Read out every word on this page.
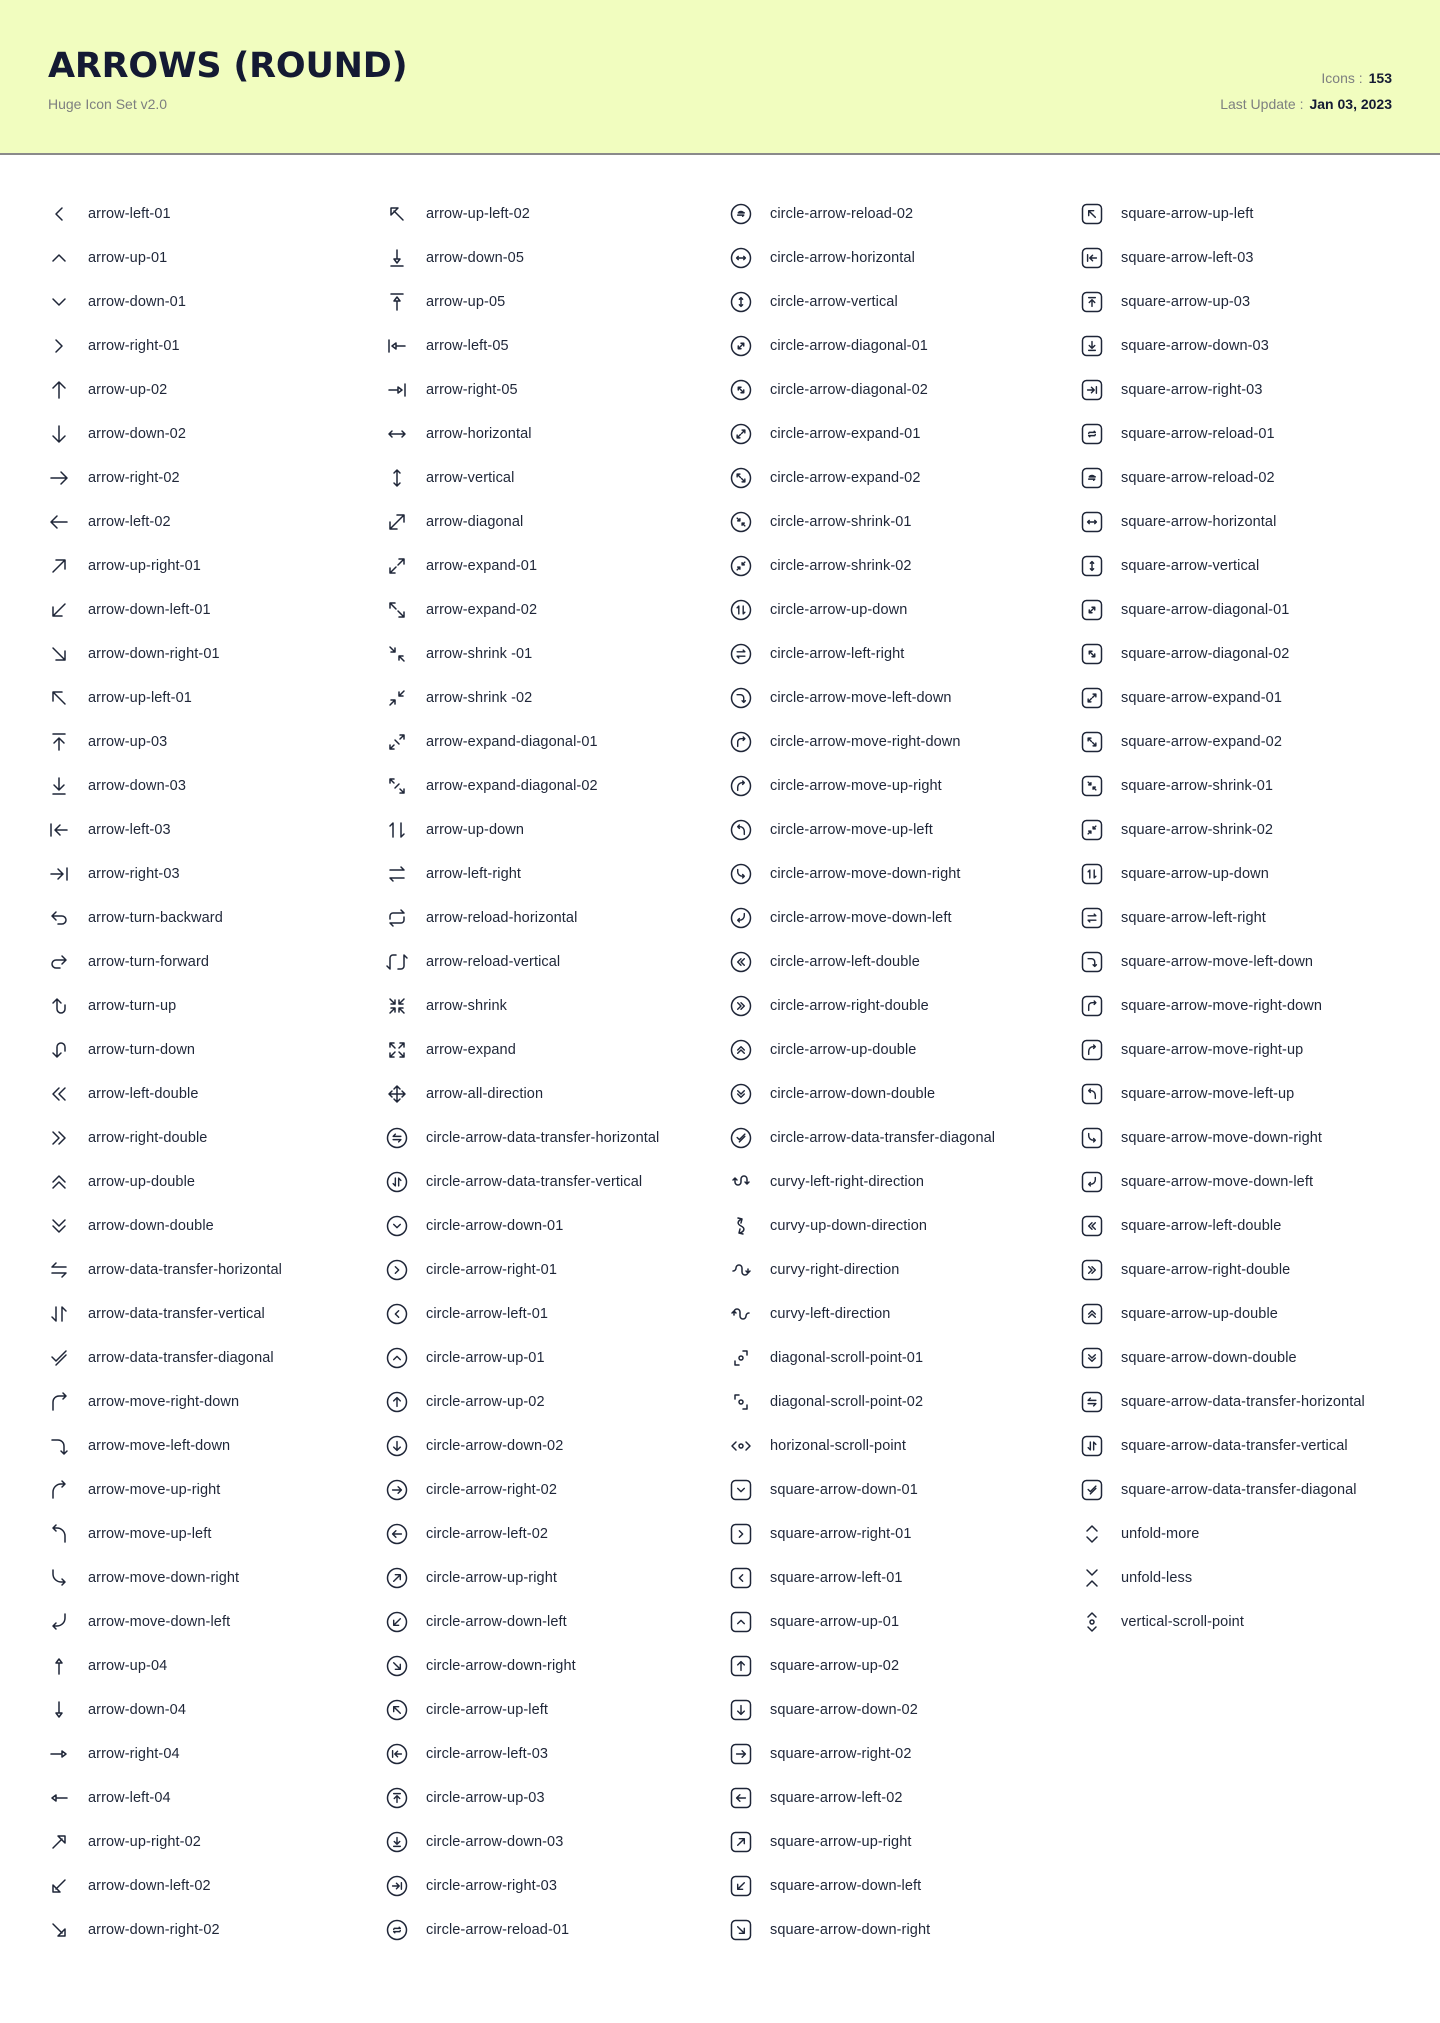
ARROWS (ROUND)
Huge Icon Set v2.0
Icons : 153
Last Update : Jan 03, 2023
arrow-left-01
arrow-up-01
arrow-down-01
arrow-right-01
arrow-up-02
arrow-down-02
arrow-right-02
arrow-left-02
arrow-up-right-01
arrow-down-left-01
arrow-down-right-01
arrow-up-left-01
arrow-up-03
arrow-down-03
arrow-left-03
arrow-right-03
arrow-turn-backward
arrow-turn-forward
arrow-turn-up
arrow-turn-down
arrow-left-double
arrow-right-double
arrow-up-double
arrow-down-double
arrow-data-transfer-horizontal
arrow-data-transfer-vertical
arrow-data-transfer-diagonal
arrow-move-right-down
arrow-move-left-down
arrow-move-up-right
arrow-move-up-left
arrow-move-down-right
arrow-move-down-left
arrow-up-04
arrow-down-04
arrow-right-04
arrow-left-04
arrow-up-right-02
arrow-down-left-02
arrow-down-right-02
arrow-up-left-02
arrow-down-05
arrow-up-05
arrow-left-05
arrow-right-05
arrow-horizontal
arrow-vertical
arrow-diagonal
arrow-expand-01
arrow-expand-02
arrow-shrink -01
arrow-shrink -02
arrow-expand-diagonal-01
arrow-expand-diagonal-02
arrow-up-down
arrow-left-right
arrow-reload-horizontal
arrow-reload-vertical
arrow-shrink
arrow-expand
arrow-all-direction
circle-arrow-data-transfer-horizontal
circle-arrow-data-transfer-vertical
circle-arrow-down-01
circle-arrow-right-01
circle-arrow-left-01
circle-arrow-up-01
circle-arrow-up-02
circle-arrow-down-02
circle-arrow-right-02
circle-arrow-left-02
circle-arrow-up-right
circle-arrow-down-left
circle-arrow-down-right
circle-arrow-up-left
circle-arrow-left-03
circle-arrow-up-03
circle-arrow-down-03
circle-arrow-right-03
circle-arrow-reload-01
circle-arrow-reload-02
circle-arrow-horizontal
circle-arrow-vertical
circle-arrow-diagonal-01
circle-arrow-diagonal-02
circle-arrow-expand-01
circle-arrow-expand-02
circle-arrow-shrink-01
circle-arrow-shrink-02
circle-arrow-up-down
circle-arrow-left-right
circle-arrow-move-left-down
circle-arrow-move-right-down
circle-arrow-move-up-right
circle-arrow-move-up-left
circle-arrow-move-down-right
circle-arrow-move-down-left
circle-arrow-left-double
circle-arrow-right-double
circle-arrow-up-double
circle-arrow-down-double
circle-arrow-data-transfer-diagonal
curvy-left-right-direction
curvy-up-down-direction
curvy-right-direction
curvy-left-direction
diagonal-scroll-point-01
diagonal-scroll-point-02
horizonal-scroll-point
square-arrow-down-01
square-arrow-right-01
square-arrow-left-01
square-arrow-up-01
square-arrow-up-02
square-arrow-down-02
square-arrow-right-02
square-arrow-left-02
square-arrow-up-right
square-arrow-down-left
square-arrow-down-right
square-arrow-up-left
square-arrow-left-03
square-arrow-up-03
square-arrow-down-03
square-arrow-right-03
square-arrow-reload-01
square-arrow-reload-02
square-arrow-horizontal
square-arrow-vertical
square-arrow-diagonal-01
square-arrow-diagonal-02
square-arrow-expand-01
square-arrow-expand-02
square-arrow-shrink-01
square-arrow-shrink-02
square-arrow-up-down
square-arrow-left-right
square-arrow-move-left-down
square-arrow-move-right-down
square-arrow-move-right-up
square-arrow-move-left-up
square-arrow-move-down-right
square-arrow-move-down-left
square-arrow-left-double
square-arrow-right-double
square-arrow-up-double
square-arrow-down-double
square-arrow-data-transfer-horizontal
square-arrow-data-transfer-vertical
square-arrow-data-transfer-diagonal
unfold-more
unfold-less
vertical-scroll-point
